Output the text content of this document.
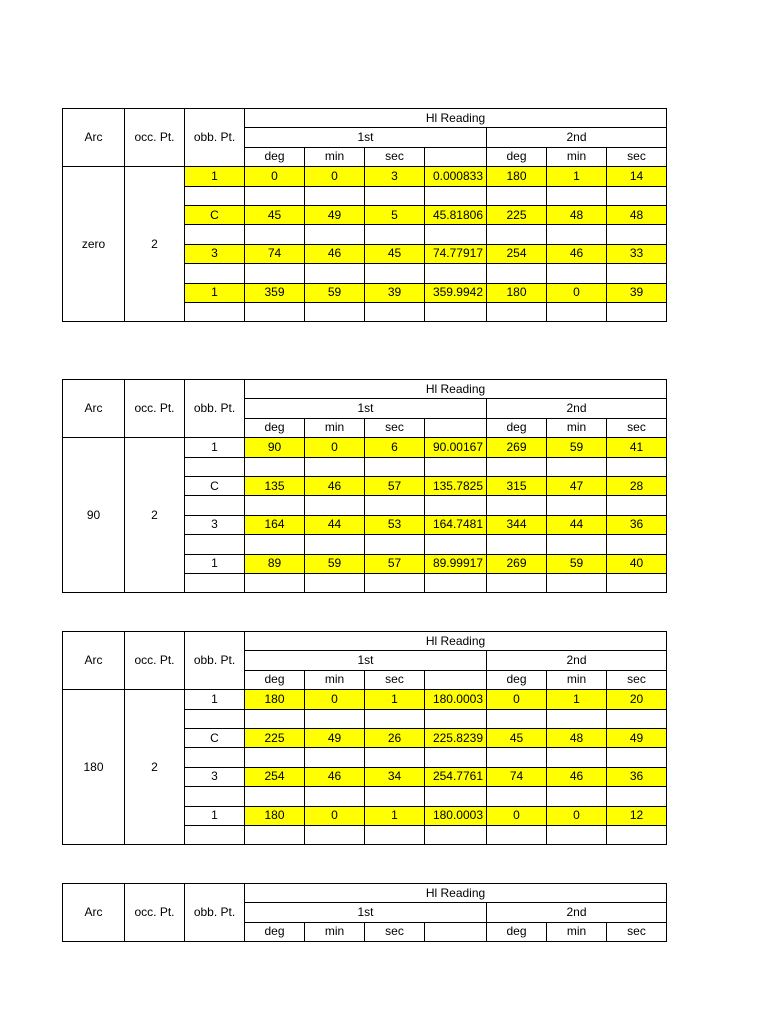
Arc	occ. Pt.	obb. Pt.	Hl Reading						
			1st				2nd		
			deg	min	sec		deg	min	sec
zero	2	1	0	0	3	0.000833	180	1	14

		C	45	49	5	45.81806	225	48	48

		3	74	46	45	74.77917	254	46	33

		1	359	59	39	359.9942	180	0	39

Arc	occ. Pt.	obb. Pt.	Hl Reading						
			1st				2nd		
			deg	min	sec		deg	min	sec
90	2	1	90	0	6	90.00167	269	59	41

		C	135	46	57	135.7825	315	47	28

		3	164	44	53	164.7481	344	44	36

		1	89	59	57	89.99917	269	59	40

Arc	occ. Pt.	obb. Pt.	Hl Reading						
			1st				2nd		
			deg	min	sec		deg	min	sec
180	2	1	180	0	1	180.0003	0	1	20

		C	225	49	26	225.8239	45	48	49

		3	254	46	34	254.7761	74	46	36

		1	180	0	1	180.0003	0	0	12

Arc	occ. Pt.	obb. Pt.	Hl Reading						
			1st				2nd		
			deg	min	sec		deg	min	sec
